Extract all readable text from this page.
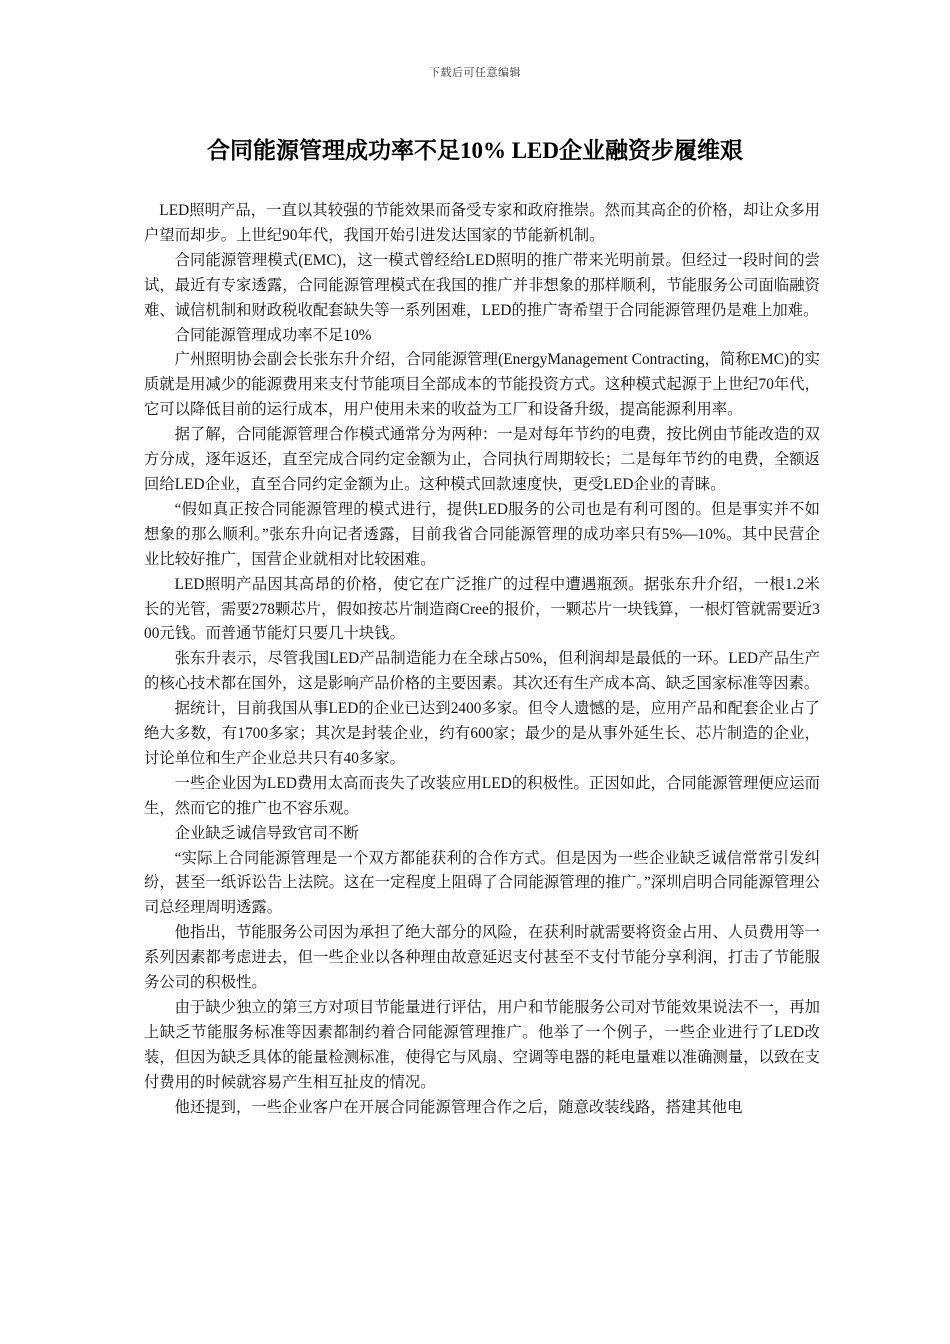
下载后可任意编辑
合同能源管理成功率不足10% LED企业融资步履维艰

LED照明产品，一直以其较强的节能效果而备受专家和政府推崇。然而其高企的价格，却让众多用户望而却步。上世纪90年代，我国开始引进发达国家的节能新机制。

合同能源管理模式(EMC)，这一模式曾经给LED照明的推广带来光明前景。但经过一段时间的尝试，最近有专家透露，合同能源管理模式在我国的推广并非想象的那样顺利，节能服务公司面临融资难、诚信机制和财政税收配套缺失等一系列困难，LED的推广寄希望于合同能源管理仍是难上加难。

合同能源管理成功率不足10%

广州照明协会副会长张东升介绍，合同能源管理(EnergyManagement Contracting，简称EMC)的实质就是用减少的能源费用来支付节能项目全部成本的节能投资方式。这种模式起源于上世纪70年代，它可以降低目前的运行成本，用户使用未来的收益为工厂和设备升级，提高能源利用率。

据了解，合同能源管理合作模式通常分为两种：一是对每年节约的电费，按比例由节能改造的双方分成，逐年返还，直至完成合同约定金额为止，合同执行周期较长；二是每年节约的电费，全额返回给LED企业，直至合同约定金额为止。这种模式回款速度快，更受LED企业的青睐。

“假如真正按合同能源管理的模式进行，提供LED服务的公司也是有利可图的。但是事实并不如想象的那么顺利。”张东升向记者透露，目前我省合同能源管理的成功率只有5%—10%。其中民营企业比较好推广，国营企业就相对比较困难。

LED照明产品因其高昂的价格，使它在广泛推广的过程中遭遇瓶颈。据张东升介绍，一根1.2米长的光管，需要278颗芯片，假如按芯片制造商Cree的报价，一颗芯片一块钱算，一根灯管就需要近300元钱。而普通节能灯只要几十块钱。

张东升表示，尽管我国LED产品制造能力在全球占50%，但利润却是最低的一环。LED产品生产的核心技术都在国外，这是影响产品价格的主要因素。其次还有生产成本高、缺乏国家标准等因素。

据统计，目前我国从事LED的企业已达到2400多家。但令人遗憾的是，应用产品和配套企业占了绝大多数，有1700多家；其次是封装企业，约有600家；最少的是从事外延生长、芯片制造的企业，讨论单位和生产企业总共只有40多家。

一些企业因为LED费用太高而丧失了改装应用LED的积极性。正因如此，合同能源管理便应运而生，然而它的推广也不容乐观。

企业缺乏诚信导致官司不断

“实际上合同能源管理是一个双方都能获利的合作方式。但是因为一些企业缺乏诚信常常引发纠纷，甚至一纸诉讼告上法院。这在一定程度上阻碍了合同能源管理的推广。”深圳启明合同能源管理公司总经理周明透露。

他指出，节能服务公司因为承担了绝大部分的风险，在获利时就需要将资金占用、人员费用等一系列因素都考虑进去，但一些企业以各种理由故意延迟支付甚至不支付节能分享利润，打击了节能服务公司的积极性。

由于缺少独立的第三方对项目节能量进行评估，用户和节能服务公司对节能效果说法不一，再加上缺乏节能服务标准等因素都制约着合同能源管理推广。他举了一个例子，一些企业进行了LED改装，但因为缺乏具体的能量检测标准，使得它与风扇、空调等电器的耗电量难以准确测量，以致在支付费用的时候就容易产生相互扯皮的情况。

他还提到，一些企业客户在开展合同能源管理合作之后，随意改装线路，搭建其他电
